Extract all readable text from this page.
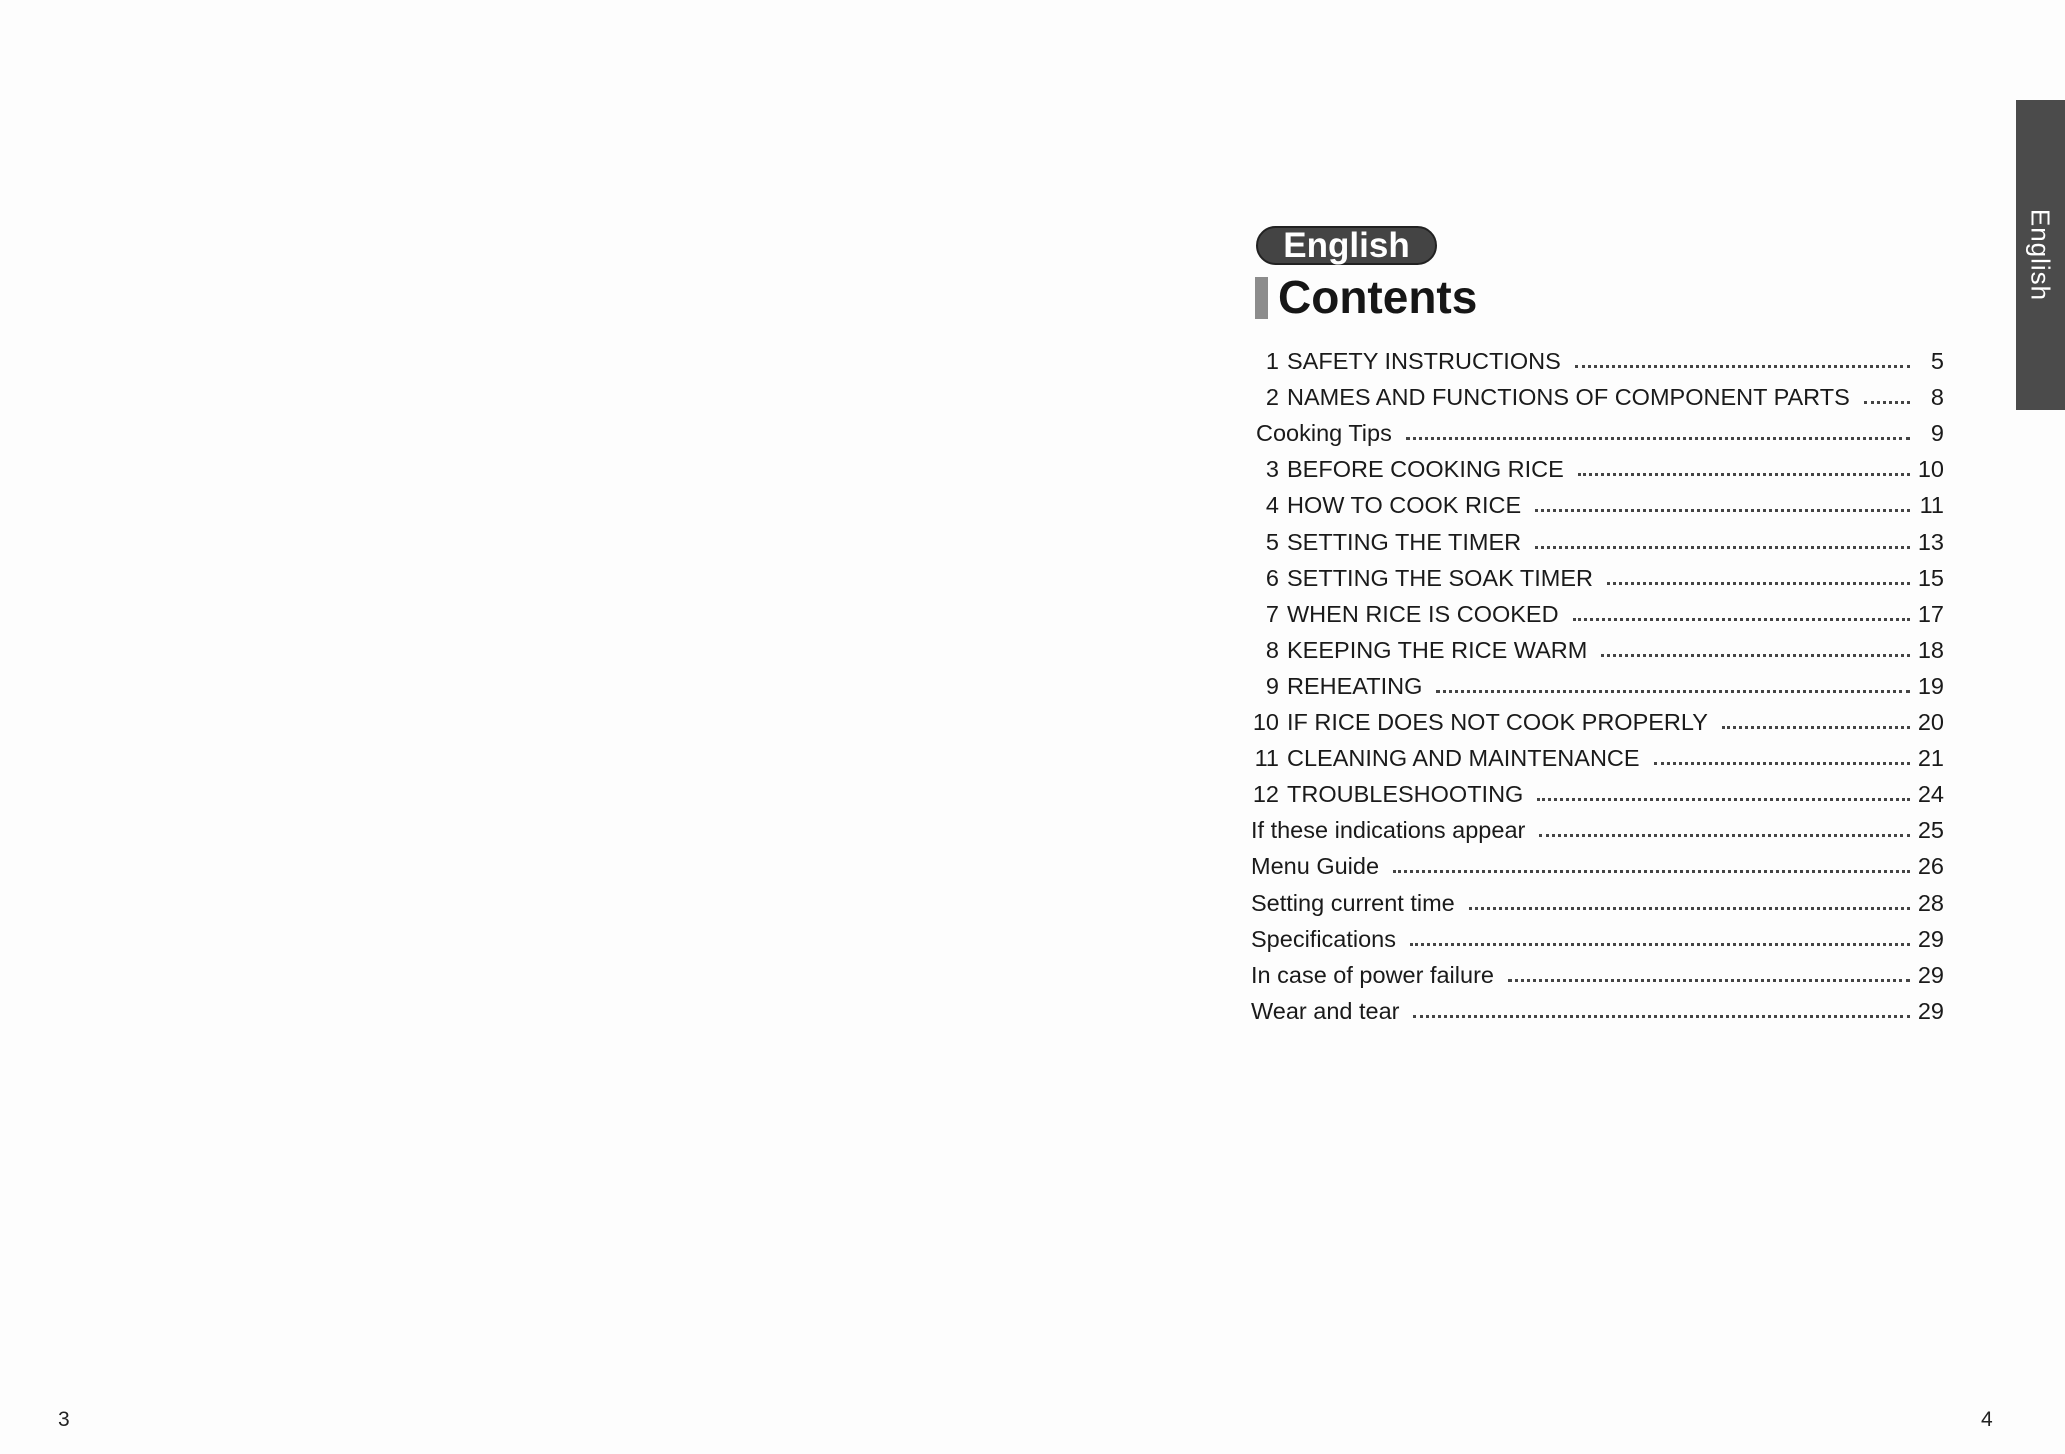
3	4
English
English
Contents
1 SAFETY INSTRUCTIONS	5
2 NAMES AND FUNCTIONS OF COMPONENT PARTS	8
Cooking Tips	9
3 BEFORE COOKING RICE	10
4 HOW TO COOK RICE	11
5 SETTING THE TIMER	13
6 SETTING THE SOAK TIMER	15
7 WHEN RICE IS COOKED	17
8 KEEPING THE RICE WARM	18
9 REHEATING	19
10 IF RICE DOES NOT COOK PROPERLY	20
11 CLEANING AND MAINTENANCE	21
12 TROUBLESHOOTING	24
If these indications appear	25
Menu Guide	26
Setting current time	28
Specifications	29
In case of power failure	29
Wear and tear	29
